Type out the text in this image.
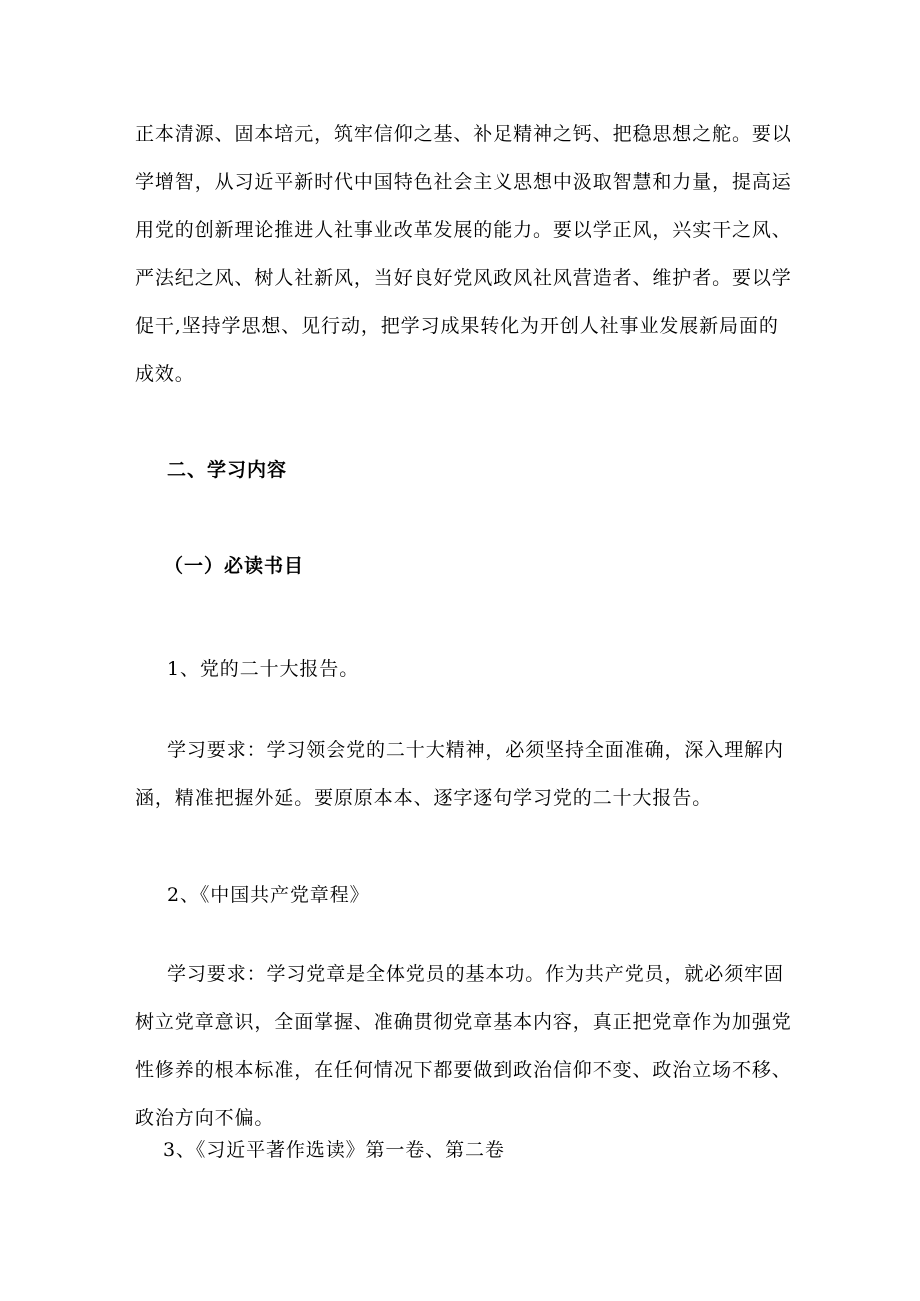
正本清源、固本培元，筑牢信仰之基、补足精神之钙、把稳思想之舵。要以
学增智，从习近平新时代中国特色社会主义思想中汲取智慧和力量，提高运
用党的创新理论推进人社事业改革发展的能力。要以学正风，兴实干之风、
严法纪之风、树人社新风，当好良好党风政风社风营造者、维护者。要以学
促干,坚持学思想、见行动，把学习成果转化为开创人社事业发展新局面的
成效。
二、学习内容
（一）必读书目
1、党的二十大报告。
学习要求：学习领会党的二十大精神，必须坚持全面准确，深入理解内
涵，精准把握外延。要原原本本、逐字逐句学习党的二十大报告。
2、《中国共产党章程》
学习要求：学习党章是全体党员的基本功。作为共产党员，就必须牢固
树立党章意识，全面掌握、准确贯彻党章基本内容，真正把党章作为加强党
性修养的根本标准，在任何情况下都要做到政治信仰不变、政治立场不移、
政治方向不偏。
3、《习近平著作选读》第一卷、第二卷
